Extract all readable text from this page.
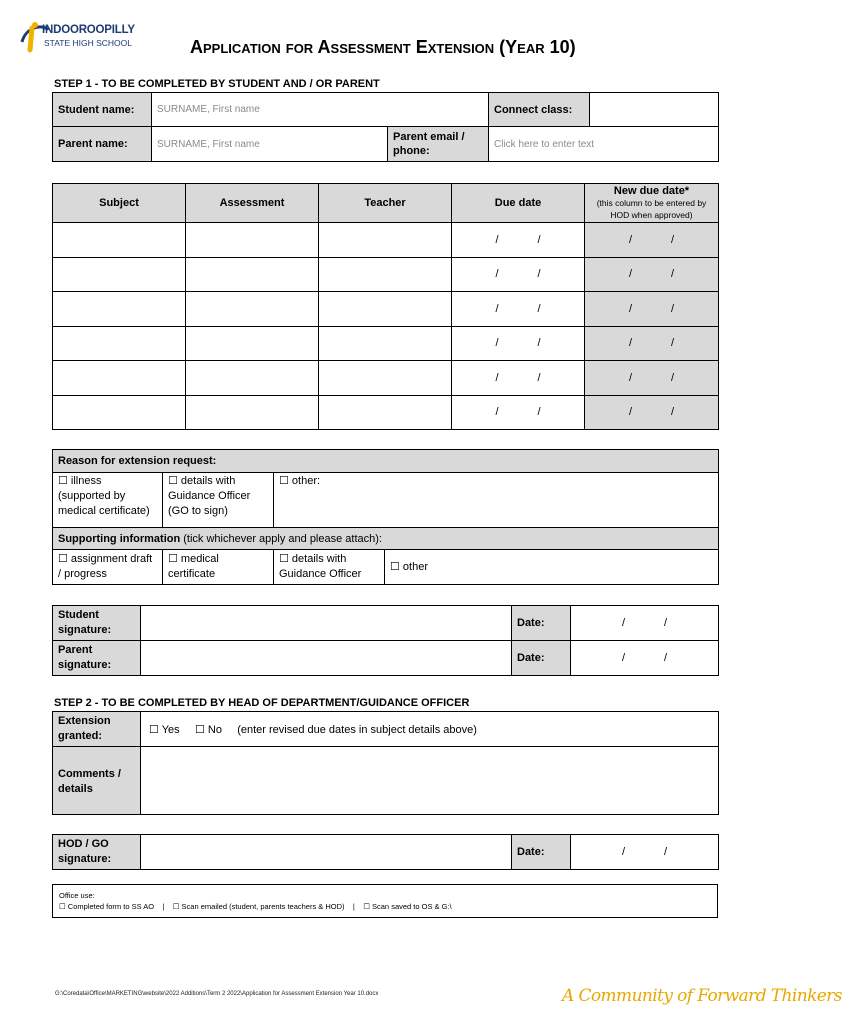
INDOOROOPILLY
STATE HIGH SCHOOL	Application for Assessment Extension (Year 10)
STEP 1 - TO BE COMPLETED BY STUDENT AND / OR PARENT
Student name:	SURNAME, First name		Connect class:	
Parent name:	SURNAME, First name	Parent email / phone:	Click here to enter text	
Subject	Assessment	Teacher	Due date	New due date*
(this column to be entered by HOD when approved)

			/ /	/ /
			/ /	/ /
			/ /	/ /
			/ /	/ /
			/ /	/ /
			/ /	/ /
Reason for extension request:			
☐ illness (supported by medical certificate)	☐ details with Guidance Officer (GO to sign)	☐ other:	
Supporting information (tick whichever apply and please attach):			
☐ assignment draft / progress	☐ medical certificate	☐ details with Guidance Officer	☐ other
Student signature:		Date:	/ /
Parent signature:		Date:	/ /
STEP 2 - TO BE COMPLETED BY HEAD OF DEPARTMENT/GUIDANCE OFFICER
Extension granted:	☐ Yes ☐ No (enter revised due dates in subject details above)
Comments / details	
HOD / GO signature:		Date:	/	/
Office use:
☐ Completed form to SS AO | ☐ Scan emailed (student, parents teachers & HOD) | ☐ Scan saved to OS & G:\
G:\Coredata\Office\MARKETING\website\2022 Additions\Term 2 2022\Application for Assessment Extension Year 10.docx	A Community of Forward Thinkers
